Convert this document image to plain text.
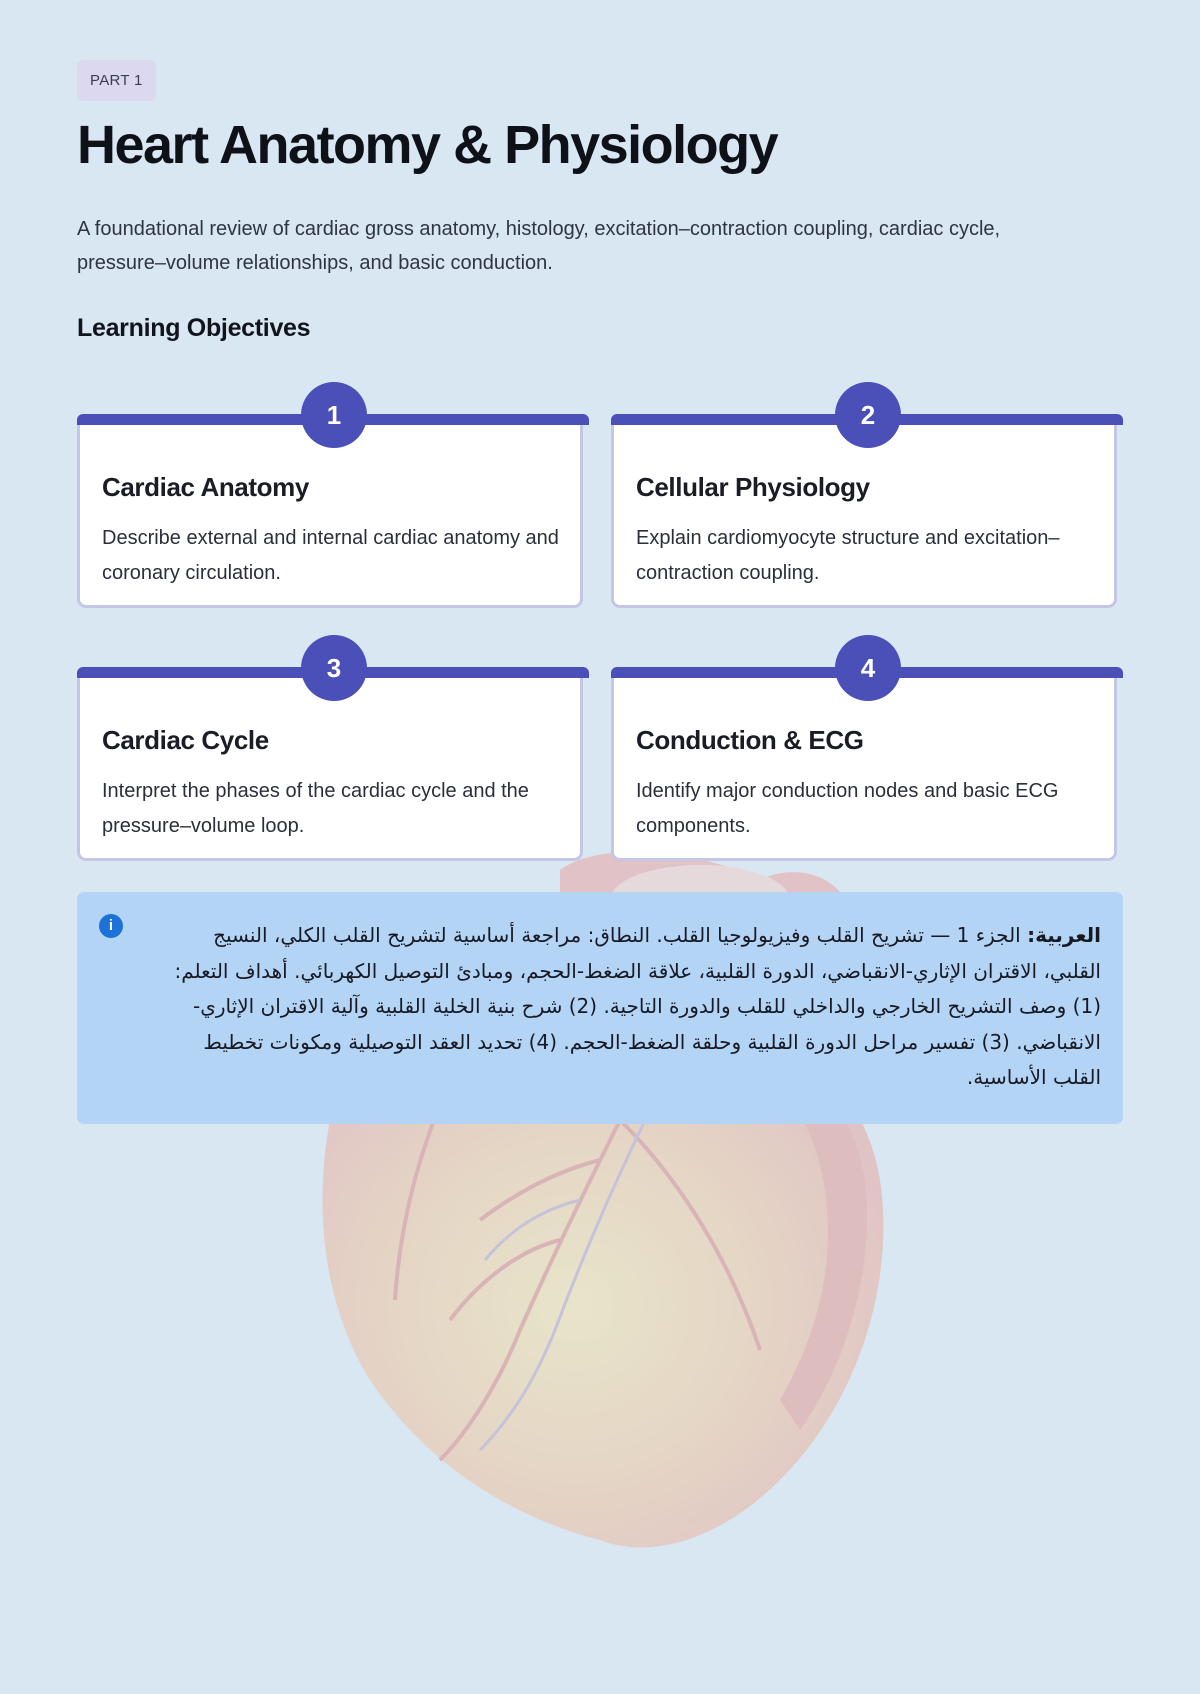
PART 1
Heart Anatomy & Physiology

A foundational review of cardiac gross anatomy, histology, excitation–contraction coupling, cardiac cycle, pressure–volume relationships, and basic conduction.

Learning Objectives
1
Cardiac Anatomy

Describe external and internal cardiac anatomy and coronary circulation.

2
Cellular Physiology

Explain cardiomyocyte structure and excitation–contraction coupling.

3
Cardiac Cycle

Interpret the phases of the cardiac cycle and the pressure–volume loop.

4
Conduction & ECG

Identify major conduction nodes and basic ECG components.

i	العربية: الجزء 1 — تشريح القلب وفيزيولوجيا القلب. النطاق: مراجعة أساسية لتشريح القلب الكلي، النسيج القلبي، الاقتران الإثاري-الانقباضي، الدورة القلبية، علاقة الضغط-الحجم، ومبادئ التوصيل الكهربائي. أهداف التعلم: (1) وصف التشريح الخارجي والداخلي للقلب والدورة التاجية. (2) شرح بنية الخلية القلبية وآلية الاقتران الإثاري-الانقباضي. (3) تفسير مراحل الدورة القلبية وحلقة الضغط-الحجم. (4) تحديد العقد التوصيلية ومكونات تخطيط القلب الأساسية.
